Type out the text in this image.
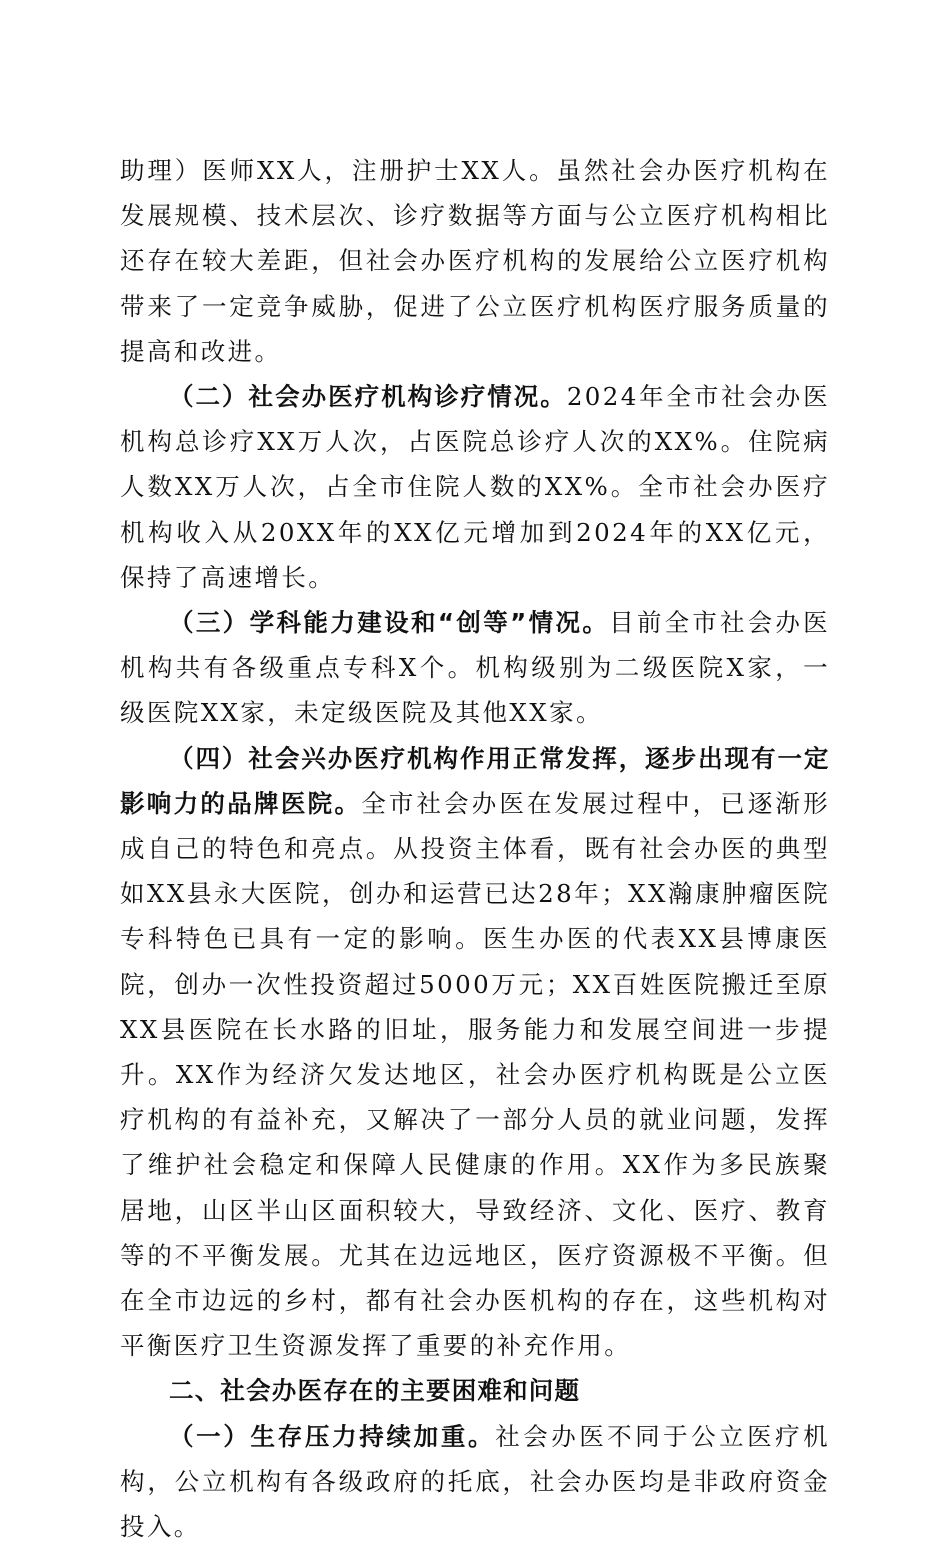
助理）医师XX人，注册护士XX人。虽然社会办医疗机构在发展规模、技术层次、诊疗数据等方面与公立医疗机构相比还存在较大差距，但社会办医疗机构的发展给公立医疗机构带来了一定竞争威胁，促进了公立医疗机构医疗服务质量的提高和改进。

（二）社会办医疗机构诊疗情况。2024年全市社会办医机构总诊疗XX万人次，占医院总诊疗人次的XX%。住院病人数XX万人次，占全市住院人数的XX%。全市社会办医疗机构收入从20XX年的XX亿元增加到2024年的XX亿元，保持了高速增长。

（三）学科能力建设和“创等”情况。目前全市社会办医机构共有各级重点专科X个。机构级别为二级医院X家，一级医院XX家，未定级医院及其他XX家。

（四）社会兴办医疗机构作用正常发挥，逐步出现有一定影响力的品牌医院。全市社会办医在发展过程中，已逐渐形成自己的特色和亮点。从投资主体看，既有社会办医的典型如XX县永大医院，创办和运营已达28年；XX瀚康肿瘤医院专科特色已具有一定的影响。医生办医的代表XX县博康医院，创办一次性投资超过5000万元；XX百姓医院搬迁至原XX县医院在长水路的旧址，服务能力和发展空间进一步提升。XX作为经济欠发达地区，社会办医疗机构既是公立医疗机构的有益补充，又解决了一部分人员的就业问题，发挥了维护社会稳定和保障人民健康的作用。XX作为多民族聚居地，山区半山区面积较大，导致经济、文化、医疗、教育等的不平衡发展。尤其在边远地区，医疗资源极不平衡。但在全市边远的乡村，都有社会办医机构的存在，这些机构对平衡医疗卫生资源发挥了重要的补充作用。

二、社会办医存在的主要困难和问题

（一）生存压力持续加重。社会办医不同于公立医疗机构，公立机构有各级政府的托底，社会办医均是非政府资金投入。
